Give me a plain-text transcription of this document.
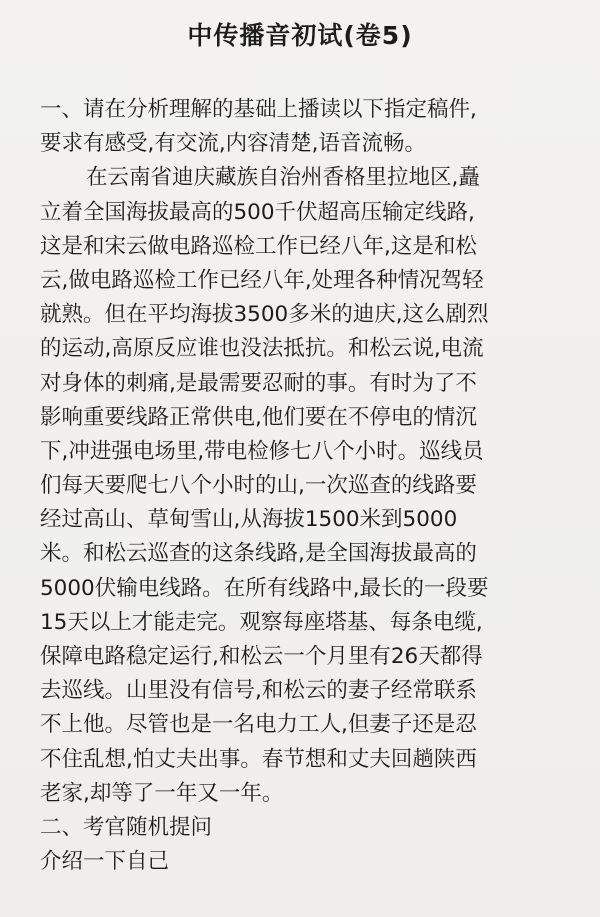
中传播音初试(卷5)
一、请在分析理解的基础上播读以下指定稿件,
要求有感受,有交流,内容清楚,语音流畅。
在云南省迪庆藏族自治州香格里拉地区,矗
立着全国海拔最高的500千伏超高压输定线路,
这是和宋云做电路巡检工作已经八年,这是和松
云,做电路巡检工作已经八年,处理各种情况驾轻
就熟。但在平均海拔3500多米的迪庆,这么剧烈
的运动,高原反应谁也没法抵抗。和松云说,电流
对身体的刺痛,是最需要忍耐的事。有时为了不
影响重要线路正常供电,他们要在不停电的情沉
下,冲进强电场里,带电检修七八个小时。巡线员
们每天要爬七八个小时的山,一次巡查的线路要
经过高山、草甸雪山,从海拔1500米到5000
米。和松云巡查的这条线路,是全国海拔最高的
5000伏输电线路。在所有线路中,最长的一段要
15天以上才能走完。观察每座塔基、每条电缆,
保障电路稳定运行,和松云一个月里有26天都得
去巡线。山里没有信号,和松云的妻子经常联系
不上他。尽管也是一名电力工人,但妻子还是忍
不住乱想,怕丈夫出事。春节想和丈夫回趟陕西
老家,却等了一年又一年。
二、考官随机提问
介绍一下自己
